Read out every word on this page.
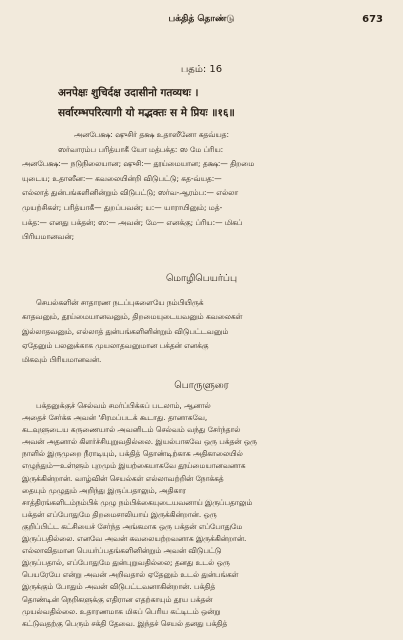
பக்தித் தொண்டு	673
பதம்: 16
अनपेक्षः शुचिर्दक्ष उदासीनो गतव्यथः ।
सर्वारम्भपरित्यागी यो मद्भक्तः स मे प्रियः ॥१६॥
அனபேக்ஷ: ஷுசிர் தக்ஷ உதாஸீனோ கதவ்யத:
ஸர்வாரம்ப பரித்யாகீ யோ மத்பக்த: ஸ மே ப்ரிய:
அனபேக்ஷ:— நடுநிலையான; ஷுசி:— தூய்மையான; தக்ஷ:— திறமை
யுடைய; உதாஸீன:— கவலையின்றி விடுபட்டு; கத-வ்யத:—
எல்லாத் துன்பங்களினின்றும் விடுபட்டு; ஸர்வ-ஆரம்ப:— எல்லா
முயற்சிகள்; பரித்யாகீ— துறப்பவன்; ய:— யாராயினும்; மத்-
பக்த:— எனது பக்தன்; ஸ:— அவன்; மே— எனக்கு; ப்ரிய:— மிகப்
பிரியமானவன்;
மொழிபெயர்ப்பு

செயல்களின் சாதாரண நடப்புகளையே நம்பியிருக்

காதவனும், தூய்மையானவனும், திறமையுடையவனும் கவலைகள்

இல்லாதவனும், எல்லாத் துன்பங்களினின்றும் விடுபட்டவனும்

ஏதேனும் பலனுக்காக முயலாதவனுமான பக்தன் எனக்கு

மிகவும் பிரியமானவன்.

பொருளுரை

பக்தனுக்குச் செல்வம் சமர்ப்பிக்கப் படலாம், ஆனால்

அதைச் சேர்க்க அவன் 'சிரமப்படக் கூடாது. தானாகவே,

கடவுளுடைய கருணையால் அவனிடம் செல்வம் வந்து சேர்ந்தால்

அவன் அதனால் கிளர்ச்சியுறுவதில்லை. இயல்பாகவே ஒரு பக்தன் ஒரு

நாளில் இருமுறை நீராடியும், பக்தித் தொண்டிற்காக அதிகாலையில்

எழுந்தும்—உள்ளும் புறமும் இயற்கையாகவே தூய்மையானவனாக

இருக்கின்றான். வாழ்வின் செயல்கள் எல்லாவற்றின் நோக்கத்

தையும் முழுதும் அறிந்து இருப்பதாலும், அதிகார

சாத்திரங்களிடம்நம்பிக் முழு நம்பிக்கையுடையவனாய் இருப்பதாலும்

பக்தன் எப்போதுமே திறமைசாலியாய் இருக்கின்றான். ஒரு

குறிப்பிட்ட கட்சியைச் சேர்ந்த அங்கமாக ஒரு பக்தன் எப்போதுமே

இருப்பதில்லை. எனவே அவன் கவலையற்றவனாக இருக்கின்றான்.

எல்லாவிதமான பெயர்ப்பதங்களினின்றும் அவன் விடுபட்டு

இருப்பதால், எப்போதுமே துன்புறுவதில்லை; தனது உடல் ஒரு

பெயரேயே என்று அவன் அறிவதால் ஏதேனும் உடல் துன்பங்கள்

இருக்கும் போதும் அவன் விடுபட்டவனாகின்றான். பக்தித்

தொண்டின் நெறிகளுக்கு எதிரான எதற்காயும் தூய பக்தன்

முயல்வதில்லை. உதாரணமாக மிகப் பெரிய கட்டிடம் ஒன்று

கட்டுவதற்கு பெரும் சக்தி தேவை. இந்தச் செயல் தனது பக்தித்
